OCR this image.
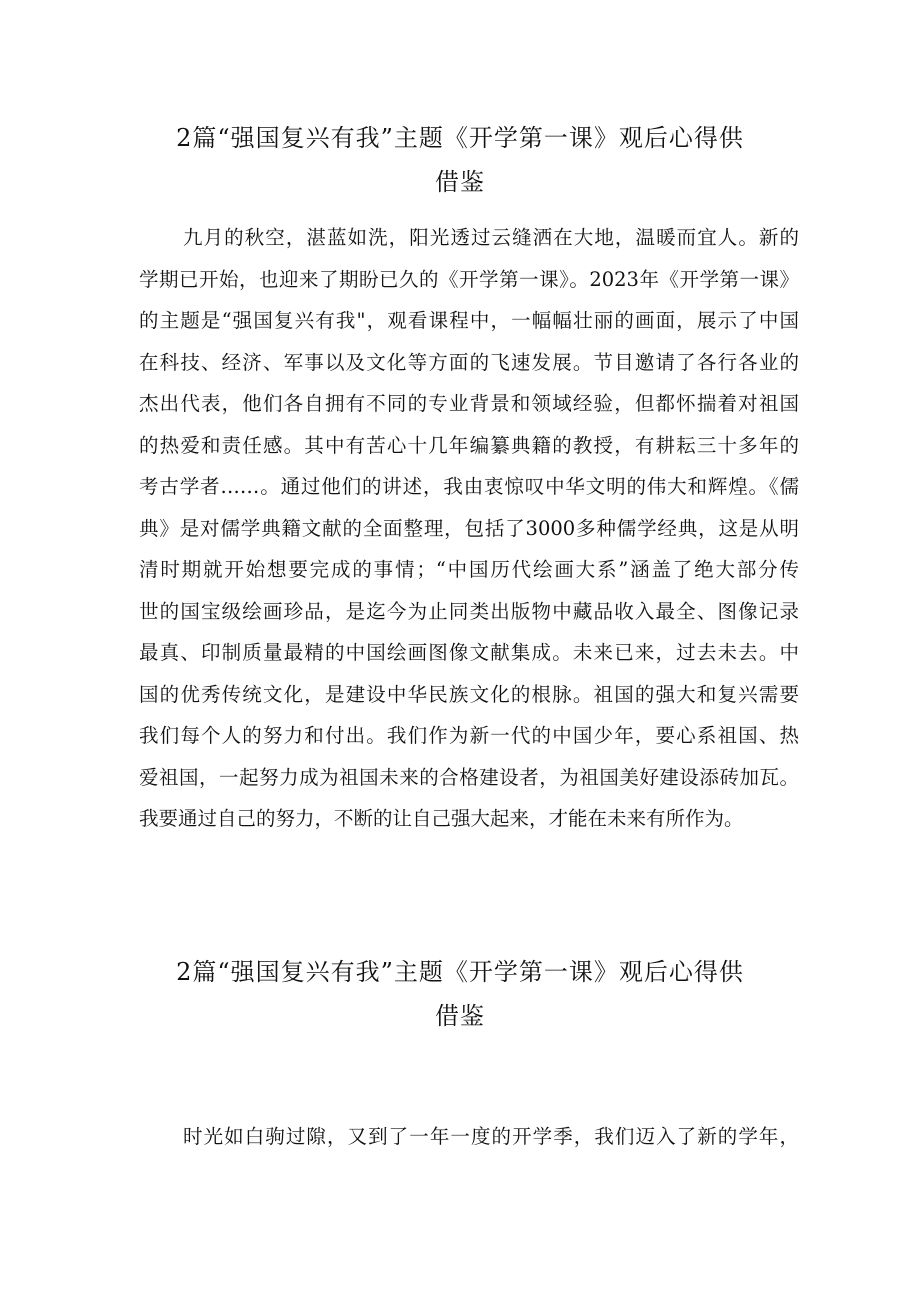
2篇“强国复兴有我”主题《开学第一课》观后心得供
借鉴
九月的秋空，湛蓝如洗，阳光透过云缝洒在大地，温暖而宜人。新的
学期已开始，也迎来了期盼已久的《开学第一课》。2023年《开学第一课》
的主题是“强国复兴有我"，观看课程中，一幅幅壮丽的画面，展示了中国
在科技、经济、军事以及文化等方面的飞速发展。节目邀请了各行各业的
杰出代表，他们各自拥有不同的专业背景和领域经验，但都怀揣着对祖国
的热爱和责任感。其中有苦心十几年编纂典籍的教授，有耕耘三十多年的
考古学者……。通过他们的讲述，我由衷惊叹中华文明的伟大和辉煌。《儒
典》是对儒学典籍文献的全面整理，包括了3000多种儒学经典，这是从明
清时期就开始想要完成的事情；“中国历代绘画大系”涵盖了绝大部分传
世的国宝级绘画珍品，是迄今为止同类出版物中藏品收入最全、图像记录
最真、印制质量最精的中国绘画图像文献集成。未来已来，过去未去。中
国的优秀传统文化，是建设中华民族文化的根脉。祖国的强大和复兴需要
我们每个人的努力和付出。我们作为新一代的中国少年，要心系祖国、热
爱祖国，一起努力成为祖国未来的合格建设者，为祖国美好建设添砖加瓦。
我要通过自己的努力，不断的让自己强大起来，才能在未来有所作为。
2篇“强国复兴有我”主题《开学第一课》观后心得供
借鉴
时光如白驹过隙，又到了一年一度的开学季，我们迈入了新的学年，
